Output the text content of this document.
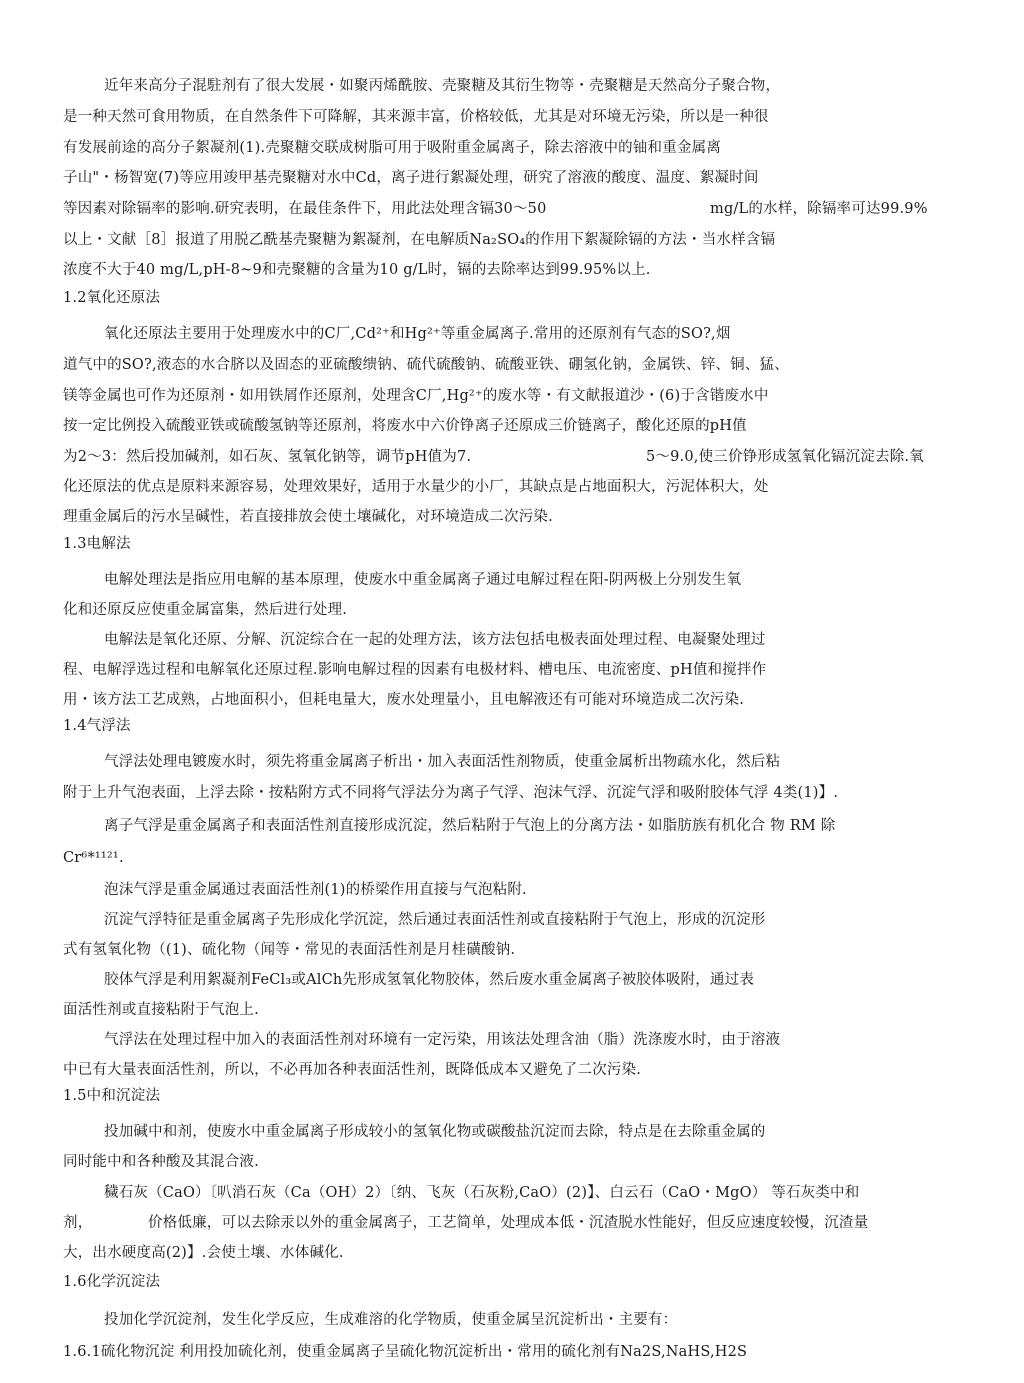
近年来高分子混駐剂有了很大发展・如聚丙烯酰胺、壳聚糖及其衍生物等・壳聚糖是天然高分子聚合物，
是一种天然可食用物质，在自然条件下可降解，其来源丰富，价格较低，尤其是对环境无污染，所以是一种很
有发展前途的高分子絮凝剂(1).壳聚糖交联成树脂可用于吸附重金属离子，除去溶液中的铀和重金属离
子山"・杨智宽(7)等应用竣甲基壳聚糖对水中Cd，离子进行絮凝处理，研究了溶液的酸度、温度、絮凝时间
等因素对除镉率的影响.研究表明，在最佳条件下，用此法处理含镉30〜50	mg/L的水样，除镉率可达99.9%
以上・文献［8］报道了用脱乙酰基壳聚糖为絮凝剂，在电解质Na₂SO₄的作用下絮凝除镉的方法・当水样含镉
浓度不大于40 mg/L,pH-8~9和壳聚糖的含量为10 g/L时，镉的去除率达到99.95%以上.
1.2氧化还原法
氧化还原法主要用于处理废水中的C厂,Cd²⁺和Hg²⁺等重金属离子.常用的还原剂有气态的SO?,烟
道气中的SO?,液态的水合脐以及固态的亚硫酸缋钠、硫代硫酸钠、硫酸亚铁、硼氢化钠，金属铁、锌、铜、猛、
镁等金属也可作为还原剂・如用铁屑作还原剂，处理含C厂,Hg²⁺的废水等・有文献报道沙・(6)于含锴废水中
按一定比例投入硫酸亚铁或硫酸氢钠等还原剂，将废水中六价铮离子还原成三价链离子，酸化还原的pH值
为2〜3：然后投加碱剂，如石灰、氢氧化钠等，调节pH值为7.	5〜9.0,使三价铮形成氢氧化镉沉淀去除.氧
化还原法的优点是原料来源容易，处理效果好，适用于水量少的小厂，其缺点是占地面积大，污泥体积大，处
理重金属后的污水呈碱性，若直接排放会使土壤碱化，对环境造成二次污染.
1.3电解法
电解处理法是指应用电解的基本原理，使废水中重金属离子通过电解过程在阳-阴两极上分别发生氧
化和还原反应使重金属富集，然后进行处理.
电解法是氧化还原、分解、沉淀综合在一起的处理方法，该方法包括电极表面处理过程、电凝聚处理过
程、电解浮选过程和电解氧化还原过程.影响电解过程的因素有电极材料、槽电压、电流密度、pH值和搅拌作
用・该方法工艺成熟，占地面积小，但耗电量大，废水处理量小，且电解液还有可能对环境造成二次污染.
1.4气浮法
气浮法处理电镀废水时，须先将重金属离子析出・加入表面活性剂物质，使重金属析出物疏水化，然后粘
附于上升气泡表面，上浮去除・按粘附方式不同将气浮法分为离子气浮、泡沫气浮、沉淀气浮和吸附胶体气浮 4类(1)】.
离子气浮是重金属离子和表面活性剂直接形成沉淀，然后粘附于气泡上的分离方法・如脂肪族有机化合 物 RM 除
Cr⁶*¹¹²¹.
泡沫气浮是重金属通过表面活性剂(1)的桥梁作用直接与气泡粘附.
沉淀气浮特征是重金属离子先形成化学沉淀，然后通过表面活性剂或直接粘附于气泡上，形成的沉淀形
式有氢氧化物（(1)、硫化物（闻等・常见的表面活性剂是月桂磺酸钠.
胶体气浮是利用絮凝剂FeCl₃或AlCh先形成氢氧化物胶体，然后废水重金属离子被胶体吸附，通过表
面活性剂或直接粘附于气泡上.
气浮法在处理过程中加入的表面活性剂对环境有一定污染，用该法处理含油（脂）洗涤废水时，由于溶液
中已有大量表面活性剂，所以，不必再加各种表面活性剂，既降低成本又避免了二次污染.
1.5中和沉淀法
投加碱中和剂，使废水中重金属离子形成较小的氢氧化物或碳酸盐沉淀而去除，特点是在去除重金属的
同时能中和各种酸及其混合液.
穢石灰（CaO）〔叭消石灰（Ca（OH）2）〔纳、飞灰（石灰粉,CaO）(2)】、白云石（CaO・MgO） 等石灰类中和
剂，	价格低廉，可以去除汞以外的重金属离子，工艺简单，处理成本低・沉渣脱水性能好，但反应速度较慢，沉渣量
大，出水硬度高(2)】.会使土壤、水体碱化.
1.6化学沉淀法
投加化学沉淀剂，发生化学反应，生成难溶的化学物质，使重金属呈沉淀析出・主要有：
1.6.1硫化物沉淀 利用投加硫化剂，使重金属离子呈硫化物沉淀析出・常用的硫化剂有Na2S,NaHS,H2S
